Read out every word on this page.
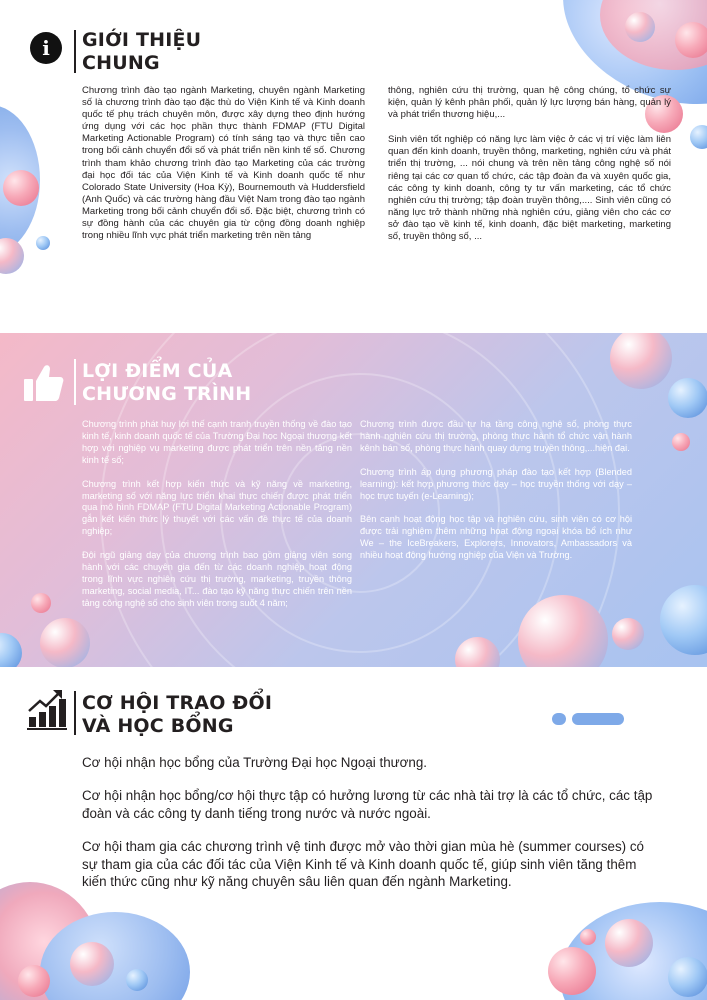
i	GIỚI THIỆU
CHUNG

Chương trình đào tạo ngành Marketing, chuyên ngành Marketing số là chương trình đào tạo đặc thù do Viện Kinh tế và Kinh doanh quốc tế phụ trách chuyên môn, được xây dựng theo định hướng ứng dụng với các học phần thực thành FDMAP (FTU Digital Marketing Actionable Program) có tính sáng tạo và thực tiễn cao trong bối cảnh chuyển đổi số và phát triển nền kinh tế số. Chương trình tham khảo chương trình đào tạo Marketing của các trường đại học đối tác của Viện Kinh tế và Kinh doanh quốc tế như Colorado State University (Hoa Kỳ), Bournemouth và Huddersfield (Anh Quốc) và các trường hàng đầu Việt Nam trong đào tạo ngành Marketing trong bối cảnh chuyển đổi số. Đặc biệt, chương trình có sự đồng hành của các chuyên gia từ cộng đồng doanh nghiệp trong nhiều lĩnh vực phát triển marketing trên nền tảng

thông, nghiên cứu thị trường, quan hệ công chúng, tổ chức sự kiện, quản lý kênh phân phối, quản lý lực lượng bán hàng, quản lý và phát triển thương hiệu,...

Sinh viên tốt nghiệp có năng lực làm việc ở các vị trí việc làm liên quan đến kinh doanh, truyền thông, marketing, nghiên cứu và phát triển thị trường, ... nói chung và trên nền tảng công nghệ số nói riêng tại các cơ quan tổ chức, các tập đoàn đa và xuyên quốc gia, các công ty kinh doanh, công ty tư vấn marketing, các tổ chức nghiên cứu thị trường; tập đoàn truyền thông,.... Sinh viên cũng có năng lực trở thành những nhà nghiên cứu, giảng viên cho các cơ sở đào tạo về kinh tế, kinh doanh, đặc biệt marketing, marketing số, truyền thông số, ...

LỢI ĐIỂM CỦA
CHƯƠNG TRÌNH

Chương trình phát huy lợi thế cạnh tranh truyền thống về đào tạo kinh tế, kinh doanh quốc tế của Trường Đại học Ngoại thương kết hợp với nghiệp vụ marketing được phát triển trên nền tảng nền kinh tế số;

Chương trình kết hợp kiến thức và kỹ năng về marketing, marketing số với năng lực triển khai thực chiến được phát triển qua mô hình FDMAP (FTU Digital Marketing Actionable Program) gắn kết kiến thức lý thuyết với các vấn đề thực tế của doanh nghiệp;

Đội ngũ giảng dạy của chương trình bao gồm giảng viên song hành với các chuyên gia đến từ các doanh nghiệp hoạt động trong lĩnh vực nghiên cứu thị trường, marketing, truyền thông marketing, social media, IT... đào tạo kỹ năng thực chiến trên nền tảng công nghệ số cho sinh viên trong suốt 4 năm;

Chương trình được đầu tư hạ tầng công nghệ số, phòng thực hành nghiên cứu thị trường, phòng thực hành tổ chức vận hành kênh bán số, phòng thực hành quay dựng truyền thông,...hiện đại.

Chương trình áp dụng phương pháp đào tạo kết hợp (Blended learning): kết hợp phương thức dạy – học truyền thống với dạy – học trực tuyến (e-Learning);

Bên cạnh hoạt động học tập và nghiên cứu, sinh viên có cơ hội được trải nghiệm thêm những hoạt động ngoại khóa bổ ích như We – the IceBreakers, Explorers, Innovators, Ambassadors và nhiều hoạt động hướng nghiệp của Viện và Trường.

CƠ HỘI TRAO ĐỔI
VÀ HỌC BỔNG

Cơ hội nhận học bổng của Trường Đại học Ngoại thương.

Cơ hội nhận học bổng/cơ hội thực tập có hưởng lương từ các nhà tài trợ là các tổ chức, các tập đoàn và các công ty danh tiếng trong nước và nước ngoài.

Cơ hội tham gia các chương trình vệ tinh được mở vào thời gian mùa hè (summer courses) có sự tham gia của các đối tác của Viện Kinh tế và Kinh doanh quốc tế, giúp sinh viên tăng thêm kiến thức cũng như kỹ năng chuyên sâu liên quan đến ngành Marketing.
